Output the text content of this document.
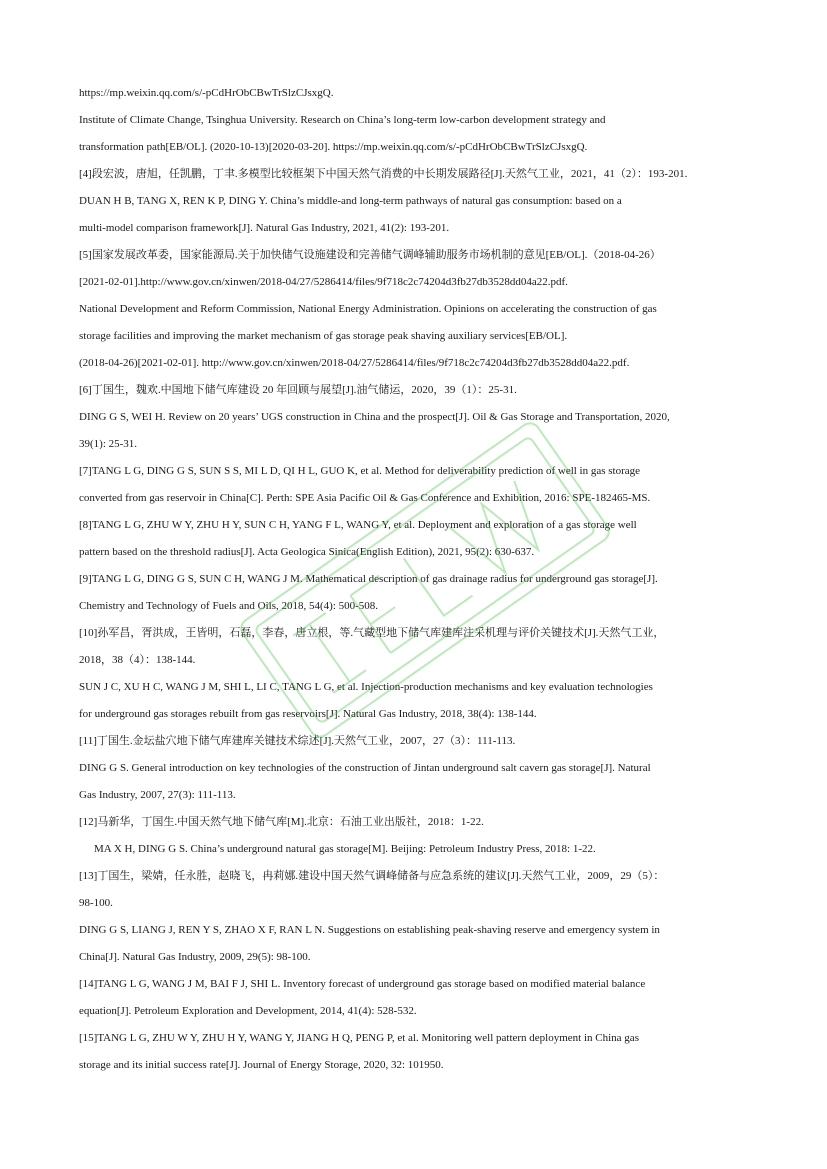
https://mp.weixin.qq.com/s/-pCdHrObCBwTrSlzCJsxgQ.
Institute of Climate Change, Tsinghua University. Research on China’s long-term low-carbon development strategy and
transformation path[EB/OL]. (2020-10-13)[2020-03-20]. https://mp.weixin.qq.com/s/-pCdHrObCBwTrSlzCJsxgQ.
[4]段宏波，唐旭，任凯鹏，丁聿.多模型比较框架下中国天然气消费的中长期发展路径[J].天然气工业，2021，41（2）：193-201.
DUAN H B, TANG X, REN K P, DING Y. China’s middle-and long-term pathways of natural gas consumption: based on a
multi-model comparison framework[J]. Natural Gas Industry, 2021, 41(2): 193-201.
[5]国家发展改革委，国家能源局.关于加快储气设施建设和完善储气调峰辅助服务市场机制的意见[EB/OL].（2018-04-26）
[2021-02-01].http://www.gov.cn/xinwen/2018-04/27/5286414/files/9f718c2c74204d3fb27db3528dd04a22.pdf.
National Development and Reform Commission, National Energy Administration. Opinions on accelerating the construction of gas
storage facilities and improving the market mechanism of gas storage peak shaving auxiliary services[EB/OL].
(2018-04-26)[2021-02-01]. http://www.gov.cn/xinwen/2018-04/27/5286414/files/9f718c2c74204d3fb27db3528dd04a22.pdf.
[6]丁国生，魏欢.中国地下储气库建设 20 年回顾与展望[J].油气储运，2020，39（1）：25-31.
DING G S, WEI H. Review on 20 years’ UGS construction in China and the prospect[J]. Oil & Gas Storage and Transportation, 2020,
39(1): 25-31.
[7]TANG L G, DING G S, SUN S S, MI L D, QI H L, GUO K, et al. Method for deliverability prediction of well in gas storage
converted from gas reservoir in China[C]. Perth: SPE Asia Pacific Oil & Gas Conference and Exhibition, 2016: SPE-182465-MS.
[8]TANG L G, ZHU W Y, ZHU H Y, SUN C H, YANG F L, WANG Y, et al. Deployment and exploration of a gas storage well
pattern based on the threshold radius[J]. Acta Geologica Sinica(English Edition), 2021, 95(2): 630-637.
[9]TANG L G, DING G S, SUN C H, WANG J M. Mathematical description of gas drainage radius for underground gas storage[J].
Chemistry and Technology of Fuels and Oils, 2018, 54(4): 500-508.
[10]孙军昌，胥洪成，王皆明，石磊，李春，唐立根，等.气藏型地下储气库建库注采机理与评价关键技术[J].天然气工业，
2018，38（4）：138-144.
SUN J C, XU H C, WANG J M, SHI L, LI C, TANG L G, et al. Injection-production mechanisms and key evaluation technologies
for underground gas storages rebuilt from gas reservoirs[J]. Natural Gas Industry, 2018, 38(4): 138-144.
[11]丁国生.金坛盐穴地下储气库建库关键技术综述[J].天然气工业，2007，27（3）：111-113.
DING G S. General introduction on key technologies of the construction of Jintan underground salt cavern gas storage[J]. Natural
Gas Industry, 2007, 27(3): 111-113.
[12]马新华，丁国生.中国天然气地下储气库[M].北京：石油工业出版社，2018：1-22.
MA X H, DING G S. China’s underground natural gas storage[M]. Beijing: Petroleum Industry Press, 2018: 1-22.
[13]丁国生，梁婧，任永胜，赵晓飞，冉莉娜.建设中国天然气调峰储备与应急系统的建议[J].天然气工业，2009，29（5）：
98-100.
DING G S, LIANG J, REN Y S, ZHAO X F, RAN L N. Suggestions on establishing peak-shaving reserve and emergency system in
China[J]. Natural Gas Industry, 2009, 29(5): 98-100.
[14]TANG L G, WANG J M, BAI F J, SHI L. Inventory forecast of underground gas storage based on modified material balance
equation[J]. Petroleum Exploration and Development, 2014, 41(4): 528-532.
[15]TANG L G, ZHU W Y, ZHU H Y, WANG Y, JIANG H Q, PENG P, et al. Monitoring well pattern deployment in China gas
storage and its initial success rate[J]. Journal of Energy Storage, 2020, 32: 101950.
